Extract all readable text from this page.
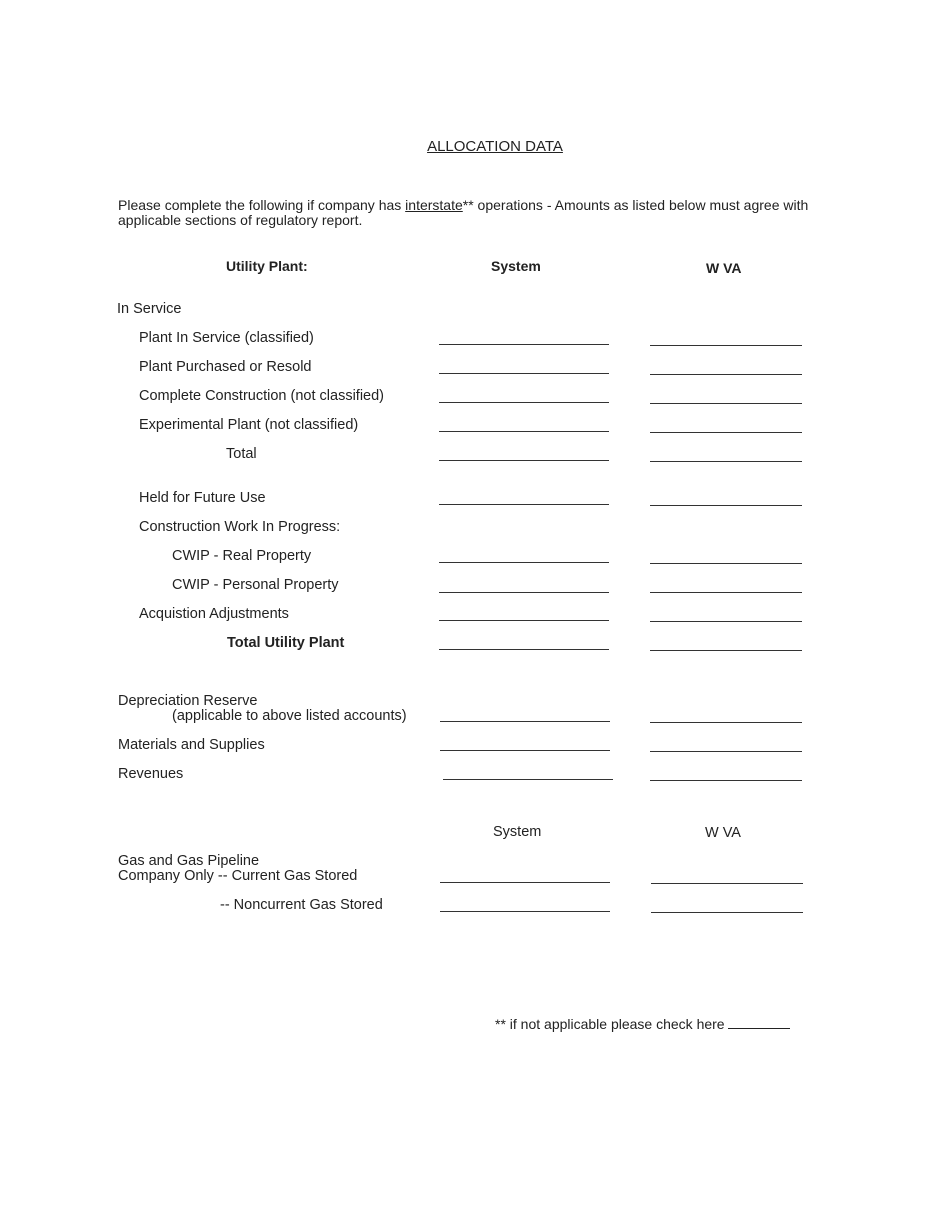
ALLOCATION DATA
Please complete the following if company has interstate** operations - Amounts as listed below must agree with
applicable sections of regulatory report.
Utility Plant:	System	W VA
In Service
Plant In Service (classified)
Plant Purchased or Resold
Complete Construction (not classified)
Experimental Plant (not classified)
Total
Held for Future Use
Construction Work In Progress:
CWIP - Real Property
CWIP - Personal Property
Acquistion Adjustments
Total Utility Plant
Depreciation Reserve
(applicable to above listed accounts)
Materials and Supplies
Revenues
System	W VA
Gas and Gas Pipeline
Company Only -- Current Gas Stored
-- Noncurrent Gas Stored
** if not applicable please check here
